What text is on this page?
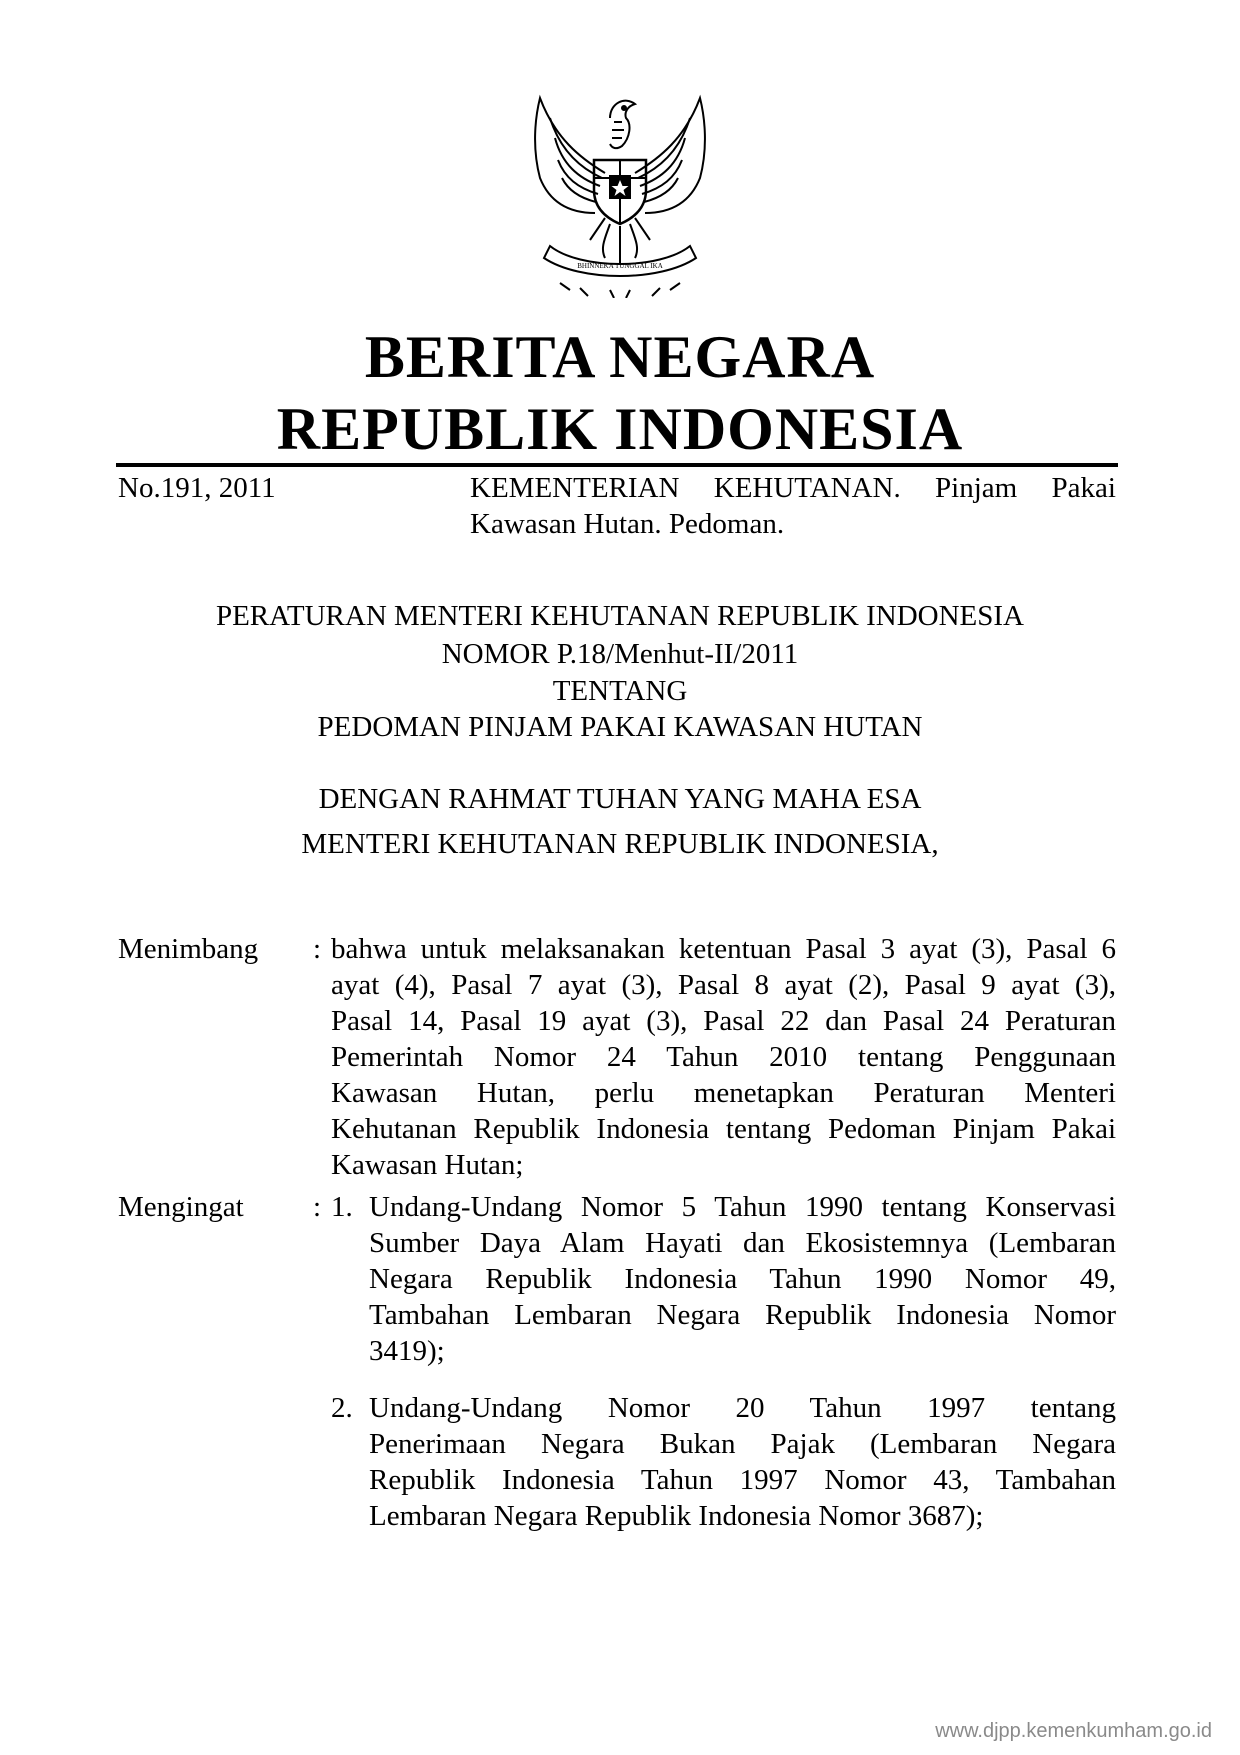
BHINNEKA TUNGGAL IKA
BERITA NEGARA
REPUBLIK INDONESIA
No.191, 2011	KEMENTERIAN KEHUTANAN. Pinjam Pakai
Kawasan Hutan. Pedoman.
PERATURAN MENTERI KEHUTANAN REPUBLIK INDONESIA
NOMOR P.18/Menhut-II/2011
TENTANG
PEDOMAN PINJAM PAKAI KAWASAN HUTAN
DENGAN RAHMAT TUHAN YANG MAHA ESA
MENTERI KEHUTANAN REPUBLIK INDONESIA,
Menimbang : bahwa untuk melaksanakan ketentuan Pasal 3 ayat (3), Pasal 6
ayat (4), Pasal 7 ayat (3), Pasal 8 ayat (2), Pasal 9 ayat (3),
Pasal 14, Pasal 19 ayat (3), Pasal 22 dan Pasal 24 Peraturan
Pemerintah Nomor 24 Tahun 2010 tentang Penggunaan
Kawasan Hutan, perlu menetapkan Peraturan Menteri
Kehutanan Republik Indonesia tentang Pedoman Pinjam Pakai
Kawasan Hutan;
Mengingat : 1. Undang-Undang Nomor 5 Tahun 1990 tentang Konservasi
Sumber Daya Alam Hayati dan Ekosistemnya (Lembaran
Negara Republik Indonesia Tahun 1990 Nomor 49,
Tambahan Lembaran Negara Republik Indonesia Nomor
3419);
2. Undang-Undang Nomor 20 Tahun 1997 tentang
Penerimaan Negara Bukan Pajak (Lembaran Negara
Republik Indonesia Tahun 1997 Nomor 43, Tambahan
Lembaran Negara Republik Indonesia Nomor 3687);
www.djpp.kemenkumham.go.id
